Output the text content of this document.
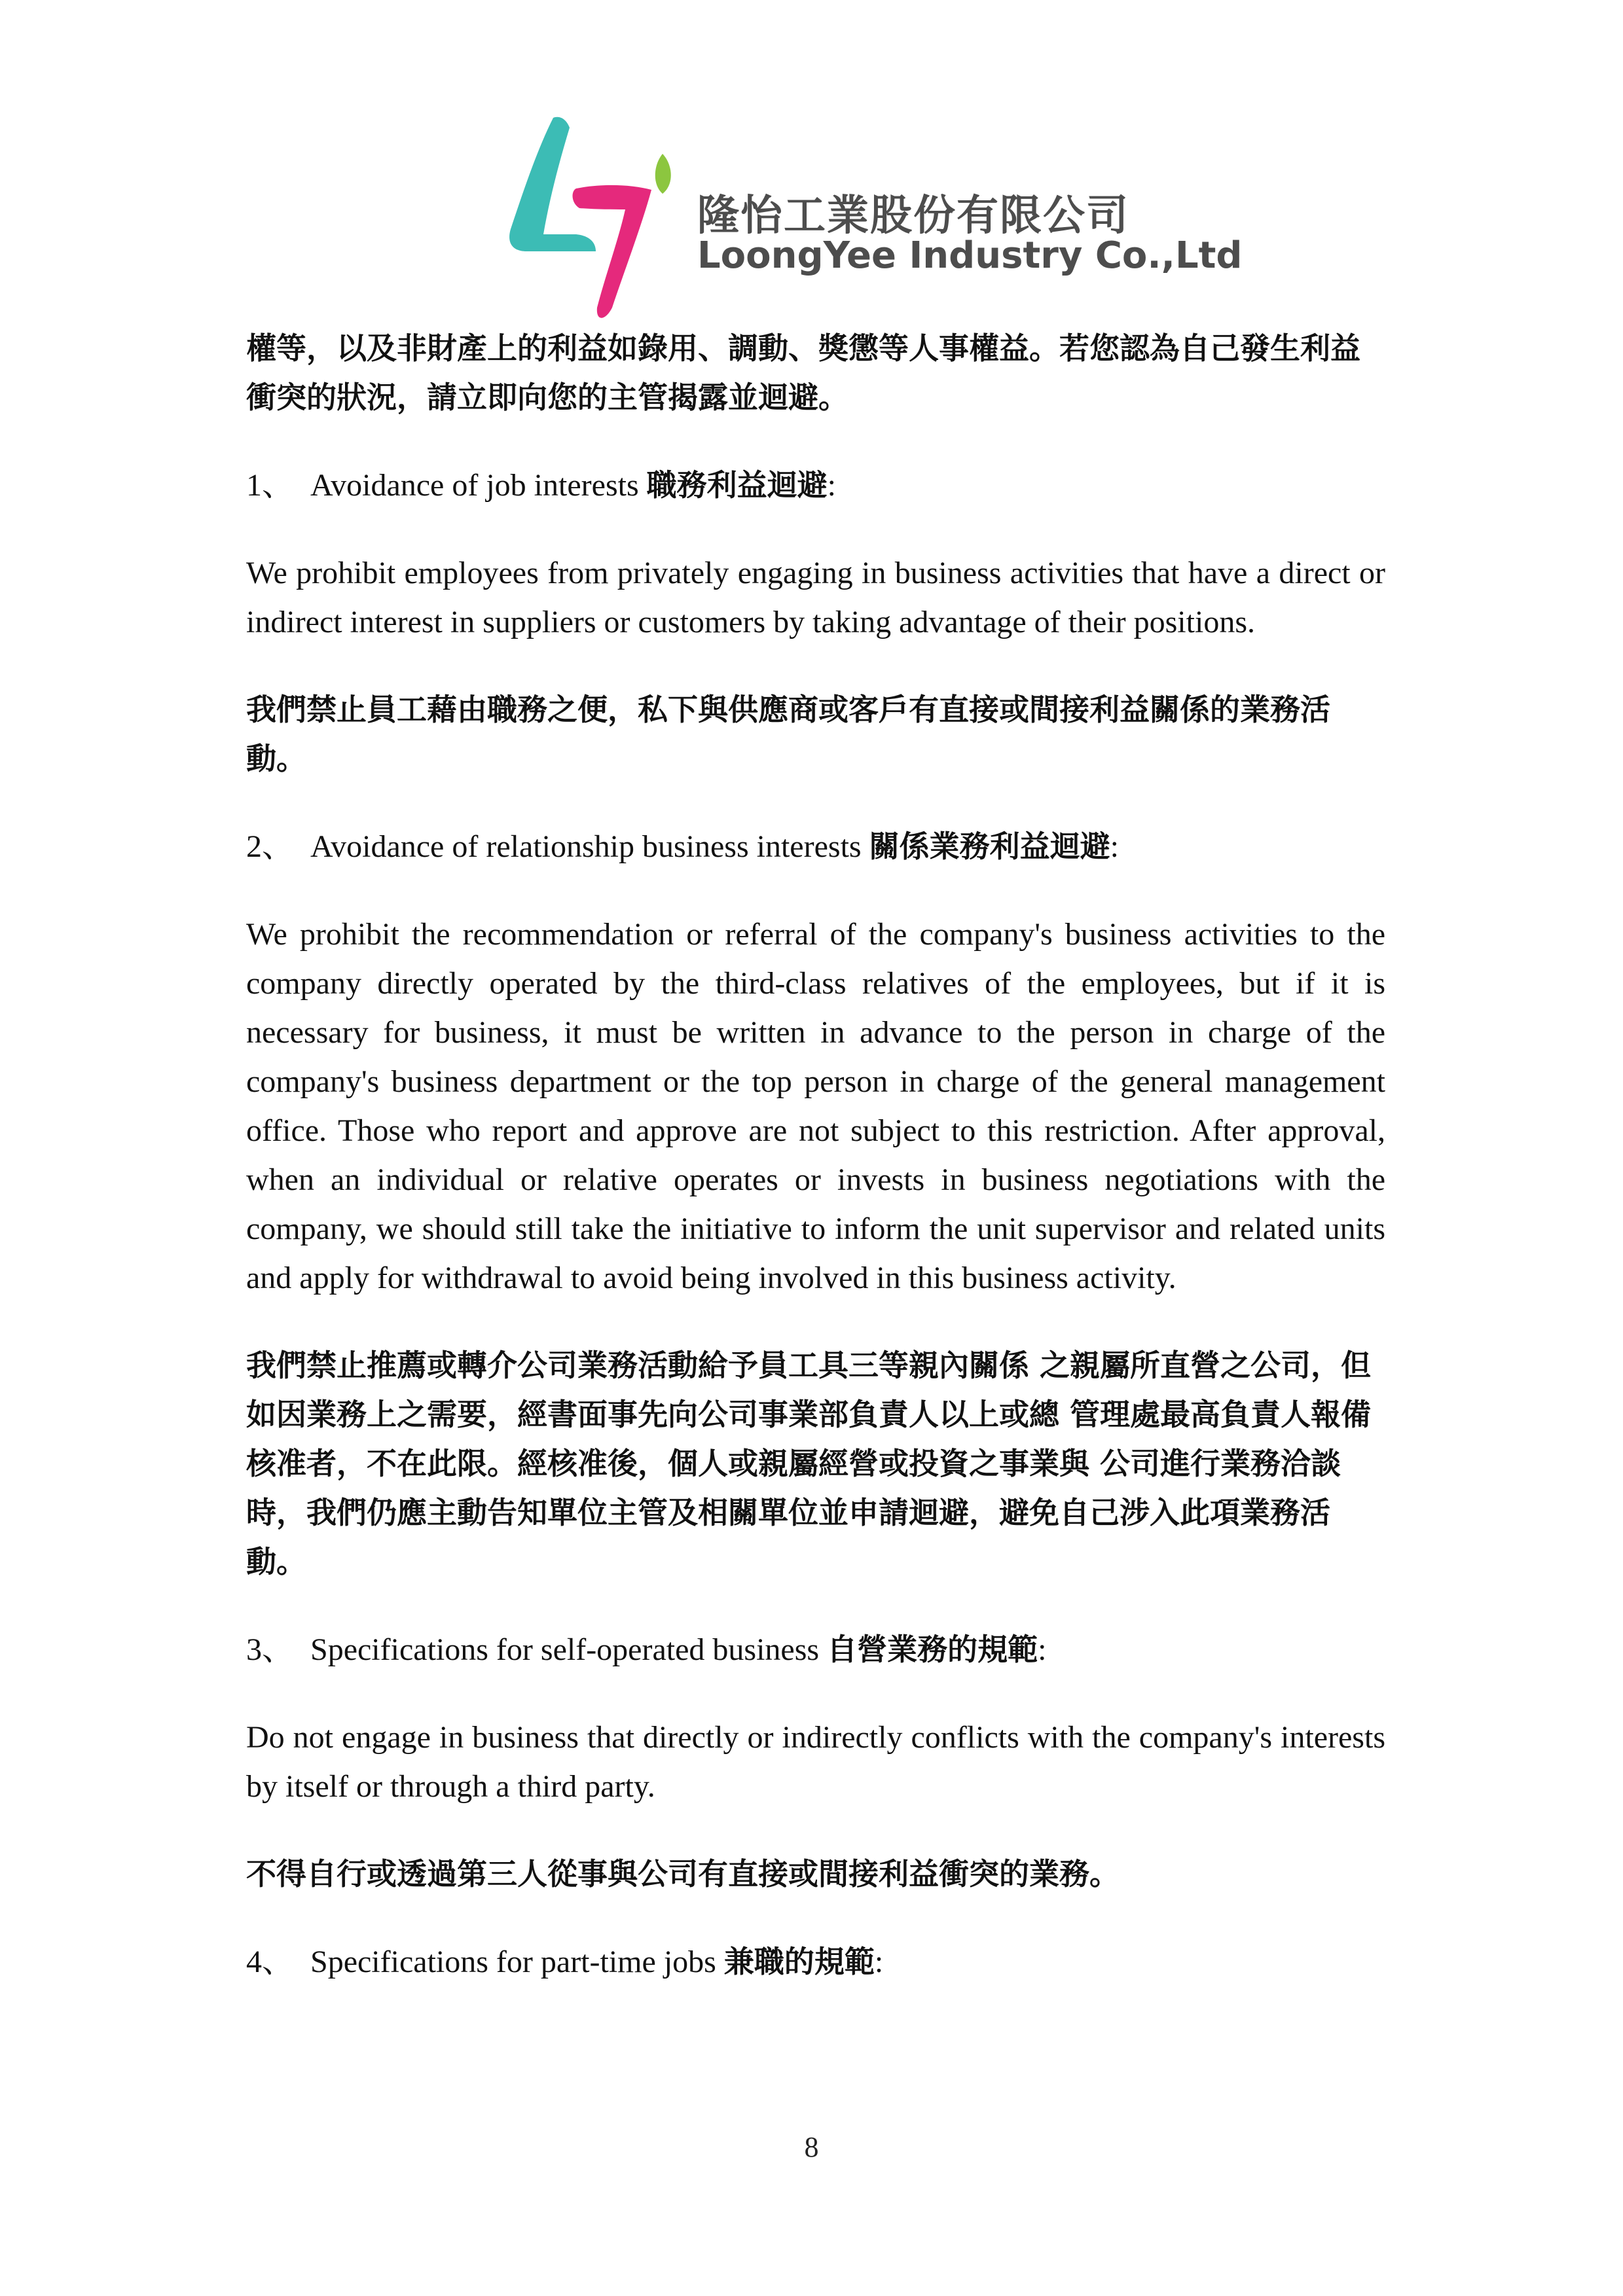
隆怡工業股份有限公司
LoongYee Industry Co.,Ltd

權等，以及非財產上的利益如錄用、調動、獎懲等人事權益。若您認為自己發生利益衝突的狀況，請立即向您的主管揭露並迴避。

1、 Avoidance of job interests 職務利益迴避:

We prohibit employees from privately engaging in business activities that have a direct or indirect interest in suppliers or customers by taking advantage of their positions.

我們禁止員工藉由職務之便，私下與供應商或客戶有直接或間接利益關係的業務活動。

2、 Avoidance of relationship business interests 關係業務利益迴避:

We prohibit the recommendation or referral of the company's business activities to the company directly operated by the third-class relatives of the employees, but if it is necessary for business, it must be written in advance to the person in charge of the company's business department or the top person in charge of the general management office. Those who report and approve are not subject to this restriction. After approval, when an individual or relative operates or invests in business negotiations with the company, we should still take the initiative to inform the unit supervisor and related units and apply for withdrawal to avoid being involved in this business activity.

我們禁止推薦或轉介公司業務活動給予員工具三等親內關係 之親屬所直營之公司，但如因業務上之需要，經書面事先向公司事業部負責人以上或總 管理處最高負責人報備核准者，不在此限。經核准後，個人或親屬經營或投資之事業與 公司進行業務洽談時，我們仍應主動告知單位主管及相關單位並申請迴避，避免自己涉入此項業務活動。

3、 Specifications for self-operated business 自營業務的規範:

Do not engage in business that directly or indirectly conflicts with the company's interests by itself or through a third party.

不得自行或透過第三人從事與公司有直接或間接利益衝突的業務。

4、 Specifications for part-time jobs 兼職的規範:

8
